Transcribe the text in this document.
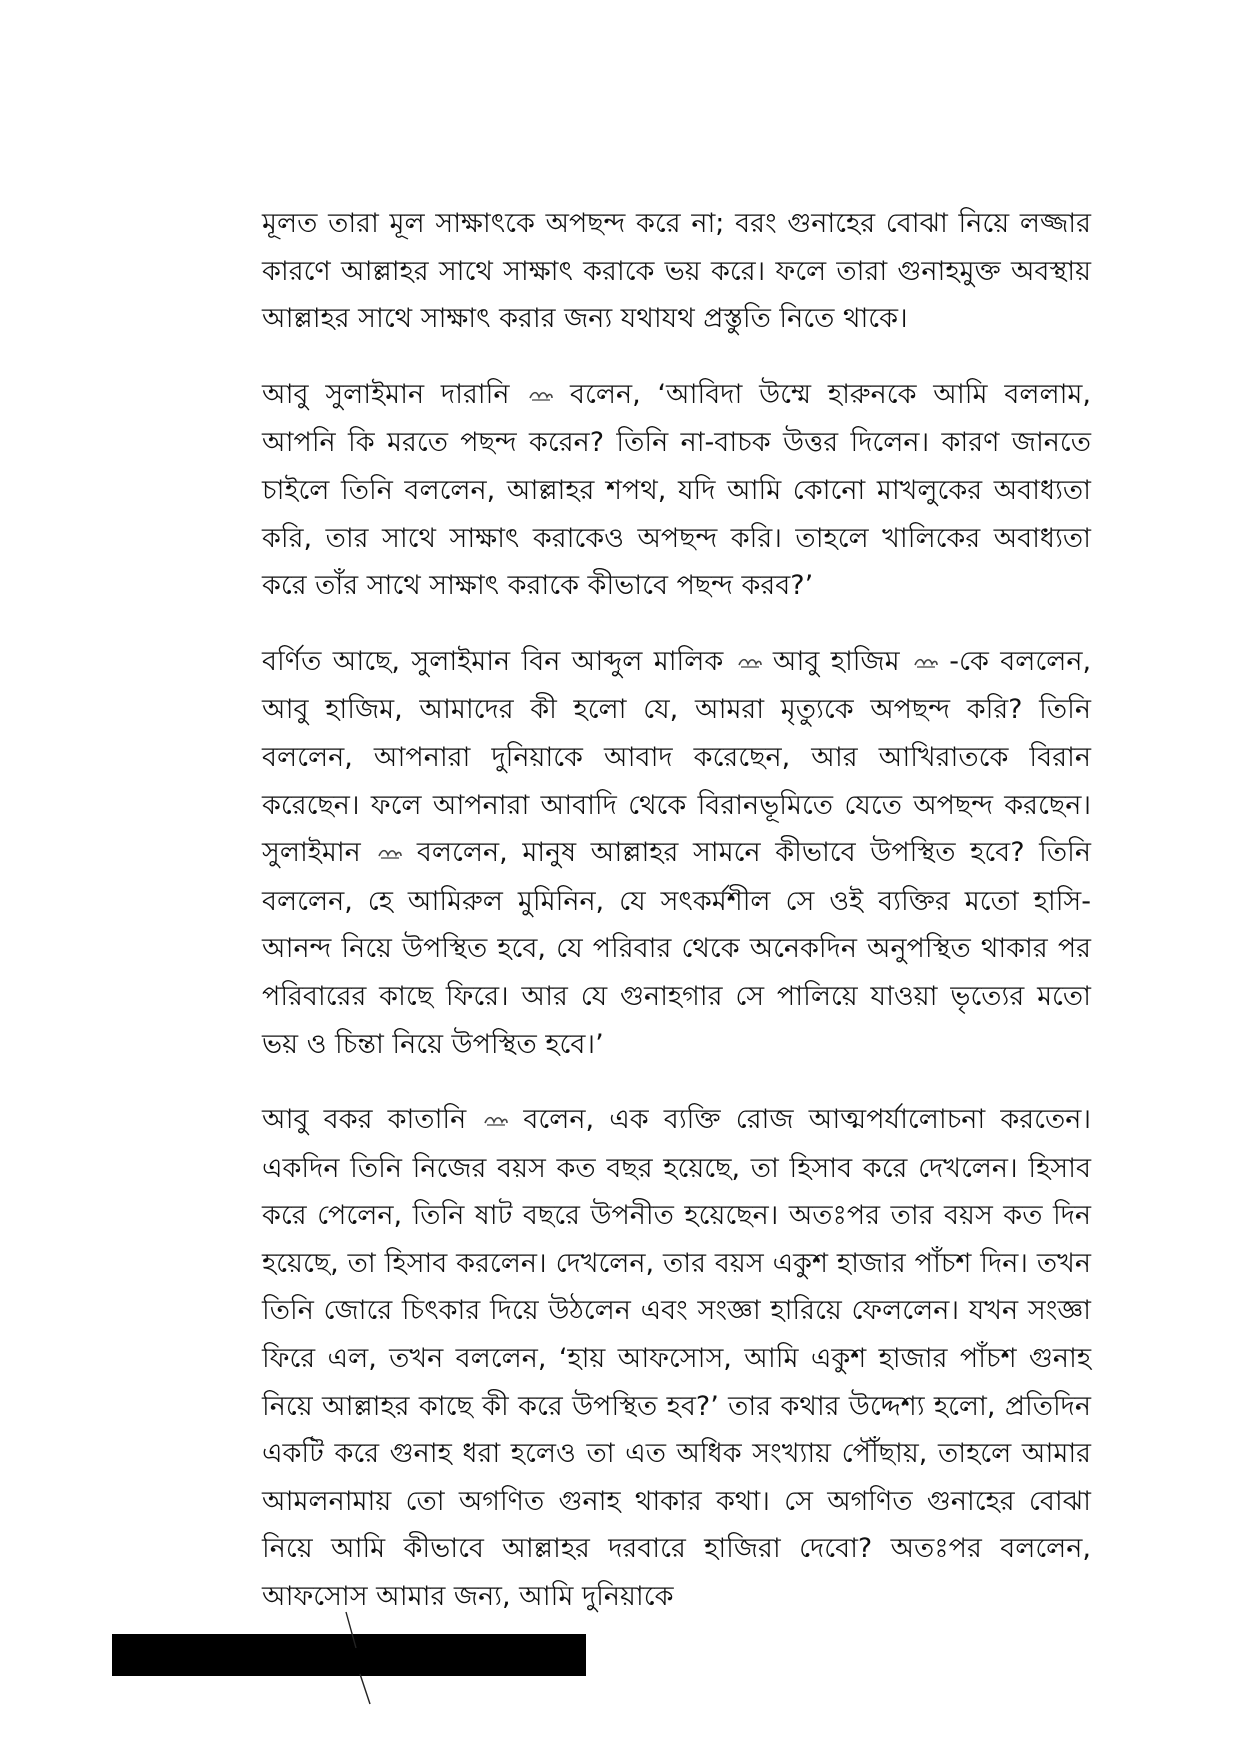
মূলত তারা মূল সাক্ষাৎকে অপছন্দ করে না; বরং গুনাহের বোঝা নিয়ে লজ্জার কারণে আল্লাহর সাথে সাক্ষাৎ করাকে ভয় করে। ফলে তারা গুনাহমুক্ত অবস্থায় আল্লাহর সাথে সাক্ষাৎ করার জন্য যথাযথ প্রস্তুতি নিতে থাকে।

আবু সুলাইমান দারানি বলেন, ‘আবিদা উম্মে হারুনকে আমি বললাম, আপনি কি মরতে পছন্দ করেন? তিনি না-বাচক উত্তর দিলেন। কারণ জানতে চাইলে তিনি বললেন, আল্লাহর শপথ, যদি আমি কোনো মাখলুকের অবাধ্যতা করি, তার সাথে সাক্ষাৎ করাকেও অপছন্দ করি। তাহলে খালিকের অবাধ্যতা করে তাঁর সাথে সাক্ষাৎ করাকে কীভাবে পছন্দ করব?’

বর্ণিত আছে, সুলাইমান বিন আব্দুল মালিক আবু হাজিম -কে বললেন, আবু হাজিম, আমাদের কী হলো যে, আমরা মৃত্যুকে অপছন্দ করি? তিনি বললেন, আপনারা দুনিয়াকে আবাদ করেছেন, আর আখিরাতকে বিরান করেছেন। ফলে আপনারা আবাদি থেকে বিরানভূমিতে যেতে অপছন্দ করছেন। সুলাইমান বললেন, মানুষ আল্লাহর সামনে কীভাবে উপস্থিত হবে? তিনি বললেন, হে আমিরুল মুমিনিন, যে সৎকর্মশীল সে ওই ব্যক্তির মতো হাসি-আনন্দ নিয়ে উপস্থিত হবে, যে পরিবার থেকে অনেকদিন অনুপস্থিত থাকার পর পরিবারের কাছে ফিরে। আর যে গুনাহগার সে পালিয়ে যাওয়া ভৃত্যের মতো ভয় ও চিন্তা নিয়ে উপস্থিত হবে।’

আবু বকর কাতানি বলেন, এক ব্যক্তি রোজ আত্মপর্যালোচনা করতেন। একদিন তিনি নিজের বয়স কত বছর হয়েছে, তা হিসাব করে দেখলেন। হিসাব করে পেলেন, তিনি ষাট বছরে উপনীত হয়েছেন। অতঃপর তার বয়স কত দিন হয়েছে, তা হিসাব করলেন। দেখলেন, তার বয়স একুশ হাজার পাঁচশ দিন। তখন তিনি জোরে চিৎকার দিয়ে উঠলেন এবং সংজ্ঞা হারিয়ে ফেললেন। যখন সংজ্ঞা ফিরে এল, তখন বললেন, ‘হায় আফসোস, আমি একুশ হাজার পাঁচশ গুনাহ নিয়ে আল্লাহর কাছে কী করে উপস্থিত হব?’ তার কথার উদ্দেশ্য হলো, প্রতিদিন একটি করে গুনাহ ধরা হলেও তা এত অধিক সংখ্যায় পৌঁছায়, তাহলে আমার আমলনামায় তো অগণিত গুনাহ থাকার কথা। সে অগণিত গুনাহের বোঝা নিয়ে আমি কীভাবে আল্লাহর দরবারে হাজিরা দেবো? অতঃপর বললেন, আফসোস আমার জন্য, আমি দুনিয়াকে
